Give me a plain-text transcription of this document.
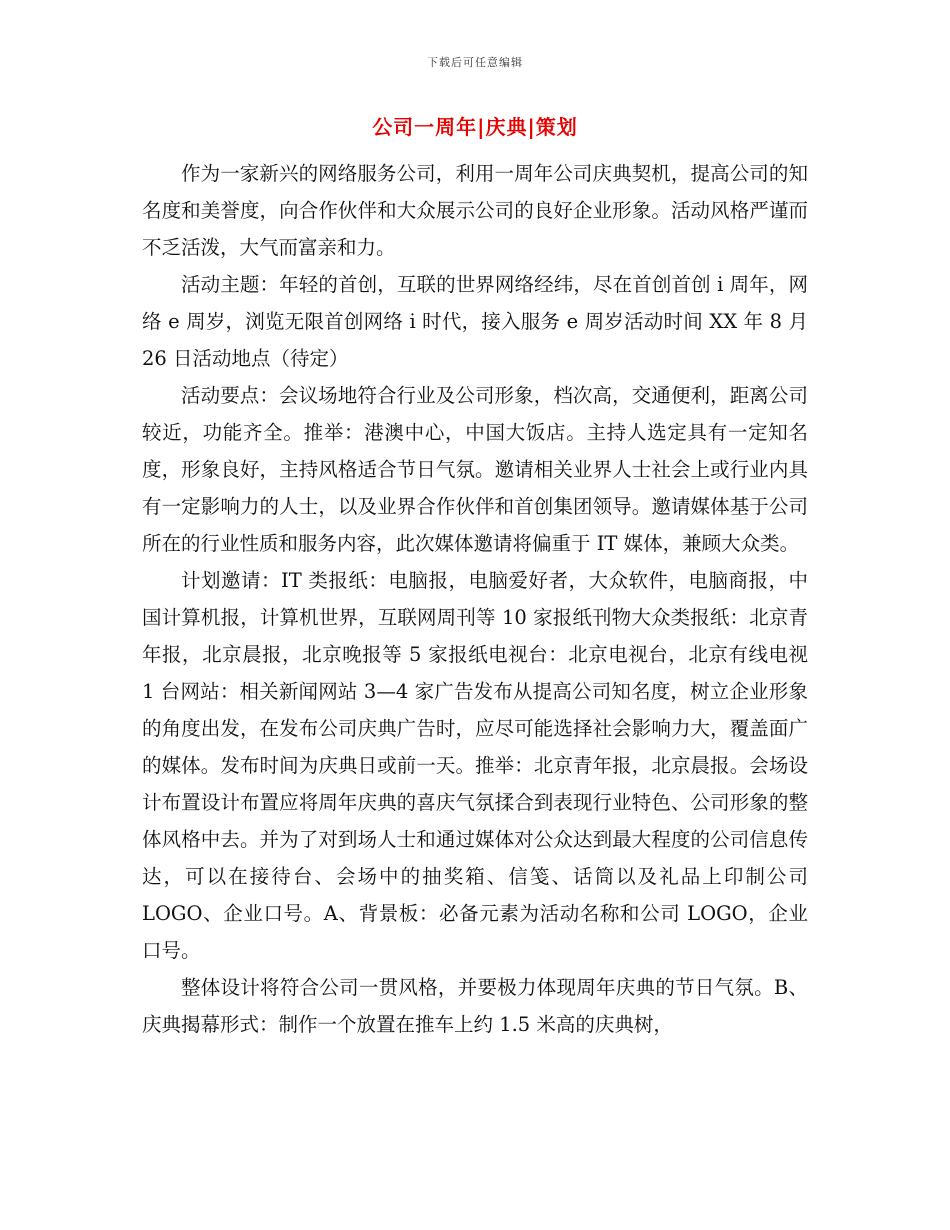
下载后可任意编辑
公司一周年|庆典|策划

作为一家新兴的网络服务公司，利用一周年公司庆典契机，提高公司的知名度和美誉度，向合作伙伴和大众展示公司的良好企业形象。活动风格严谨而不乏活泼，大气而富亲和力。

活动主题：年轻的首创，互联的世界网络经纬，尽在首创首创 i 周年，网络 e 周岁，浏览无限首创网络 i 时代，接入服务 e 周岁活动时间 XX 年 8 月 26 日活动地点（待定）

活动要点：会议场地符合行业及公司形象，档次高，交通便利，距离公司较近，功能齐全。推举：港澳中心，中国大饭店。主持人选定具有一定知名度，形象良好，主持风格适合节日气氛。邀请相关业界人士社会上或行业内具有一定影响力的人士，以及业界合作伙伴和首创集团领导。邀请媒体基于公司所在的行业性质和服务内容，此次媒体邀请将偏重于 IT 媒体，兼顾大众类。

计划邀请：IT 类报纸：电脑报，电脑爱好者，大众软件，电脑商报，中国计算机报，计算机世界，互联网周刊等 10 家报纸刊物大众类报纸：北京青年报，北京晨报，北京晚报等 5 家报纸电视台：北京电视台，北京有线电视 1 台网站：相关新闻网站 3—4 家广告发布从提高公司知名度，树立企业形象的角度出发，在发布公司庆典广告时，应尽可能选择社会影响力大，覆盖面广的媒体。发布时间为庆典日或前一天。推举：北京青年报，北京晨报。会场设计布置设计布置应将周年庆典的喜庆气氛揉合到表现行业特色、公司形象的整体风格中去。并为了对到场人士和通过媒体对公众达到最大程度的公司信息传达，可以在接待台、会场中的抽奖箱、信笺、话筒以及礼品上印制公司 LOGO、企业口号。A、背景板：必备元素为活动名称和公司 LOGO，企业口号。

整体设计将符合公司一贯风格，并要极力体现周年庆典的节日气氛。B、庆典揭幕形式：制作一个放置在推车上约 1.5 米高的庆典树，
